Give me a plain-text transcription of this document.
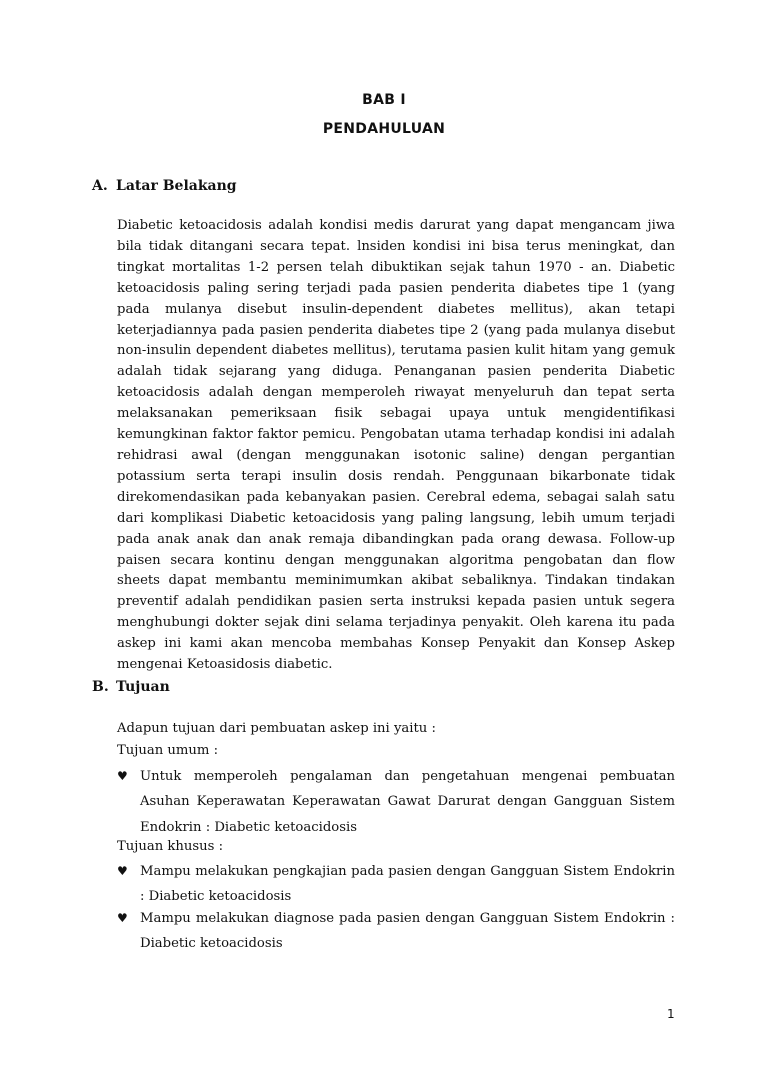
BAB I
PENDAHULUAN
A. Latar Belakang
Diabetic ketoacidosis adalah kondisi medis darurat yang dapat mengancam jiwa bila tidak ditangani secara tepat. lnsiden kondisi ini bisa terus meningkat, dan tingkat mortalitas 1-2 persen telah dibuktikan sejak tahun 1970 - an. Diabetic ketoacidosis paling sering terjadi pada pasien penderita diabetes tipe 1 (yang pada mulanya disebut insulin-dependent diabetes mellitus), akan tetapi keterjadiannya pada pasien penderita diabetes tipe 2 (yang pada mulanya disebut non-insulin dependent diabetes mellitus), terutama pasien kulit hitam yang gemuk adalah tidak sejarang yang diduga. Penanganan pasien penderita Diabetic ketoacidosis adalah dengan memperoleh riwayat menyeluruh dan tepat serta melaksanakan pemeriksaan fisik sebagai upaya untuk mengidentifikasi kemungkinan faktor faktor pemicu. Pengobatan utama terhadap kondisi ini adalah rehidrasi awal (dengan menggunakan isotonic saline) dengan pergantian potassium serta terapi insulin dosis rendah. Penggunaan bikarbonate tidak direkomendasikan pada kebanyakan pasien. Cerebral edema, sebagai salah satu dari komplikasi Diabetic ketoacidosis yang paling langsung, lebih umum terjadi pada anak anak dan anak remaja dibandingkan pada orang dewasa. Follow-up paisen secara kontinu dengan menggunakan algoritma pengobatan dan flow sheets dapat membantu meminimumkan akibat sebaliknya. Tindakan tindakan preventif adalah pendidikan pasien serta instruksi kepada pasien untuk segera menghubungi dokter sejak dini selama terjadinya penyakit. Oleh karena itu pada askep ini kami akan mencoba membahas Konsep Penyakit dan Konsep Askep mengenai Ketoasidosis diabetic.
B. Tujuan
Adapun tujuan dari pembuatan askep ini yaitu :
Tujuan umum :
♥ Untuk memperoleh pengalaman dan pengetahuan mengenai pembuatan Asuhan Keperawatan Keperawatan Gawat Darurat dengan Gangguan Sistem Endokrin : Diabetic ketoacidosis
Tujuan khusus :
♥ Mampu melakukan pengkajian pada pasien dengan Gangguan Sistem Endokrin : Diabetic ketoacidosis
♥ Mampu melakukan diagnose pada pasien dengan Gangguan Sistem Endokrin : Diabetic ketoacidosis
1
